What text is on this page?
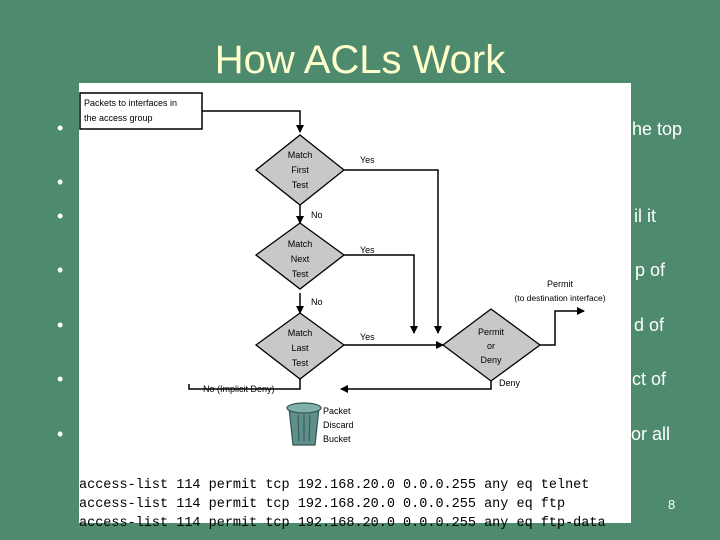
How ACLs Work
•
•
•
•
•
•
•
he top
il it
p of
d of
ct of
or all
Packets to interfaces in
the access group
Match
First
Test
Match
Next
Test
Match
Last
Test
Permit
or
Deny
Yes
No
Yes
No
Yes
Permit
(to destination interface)
Deny
No (Implicit Deny)
Packet
Discard
Bucket

access-list 114 permit tcp 192.168.20.0 0.0.0.255 any eq telnet
access-list 114 permit tcp 192.168.20.0 0.0.0.255 any eq ftp
access-list 114 permit tcp 192.168.20.0 0.0.0.255 any eq ftp-data
8
